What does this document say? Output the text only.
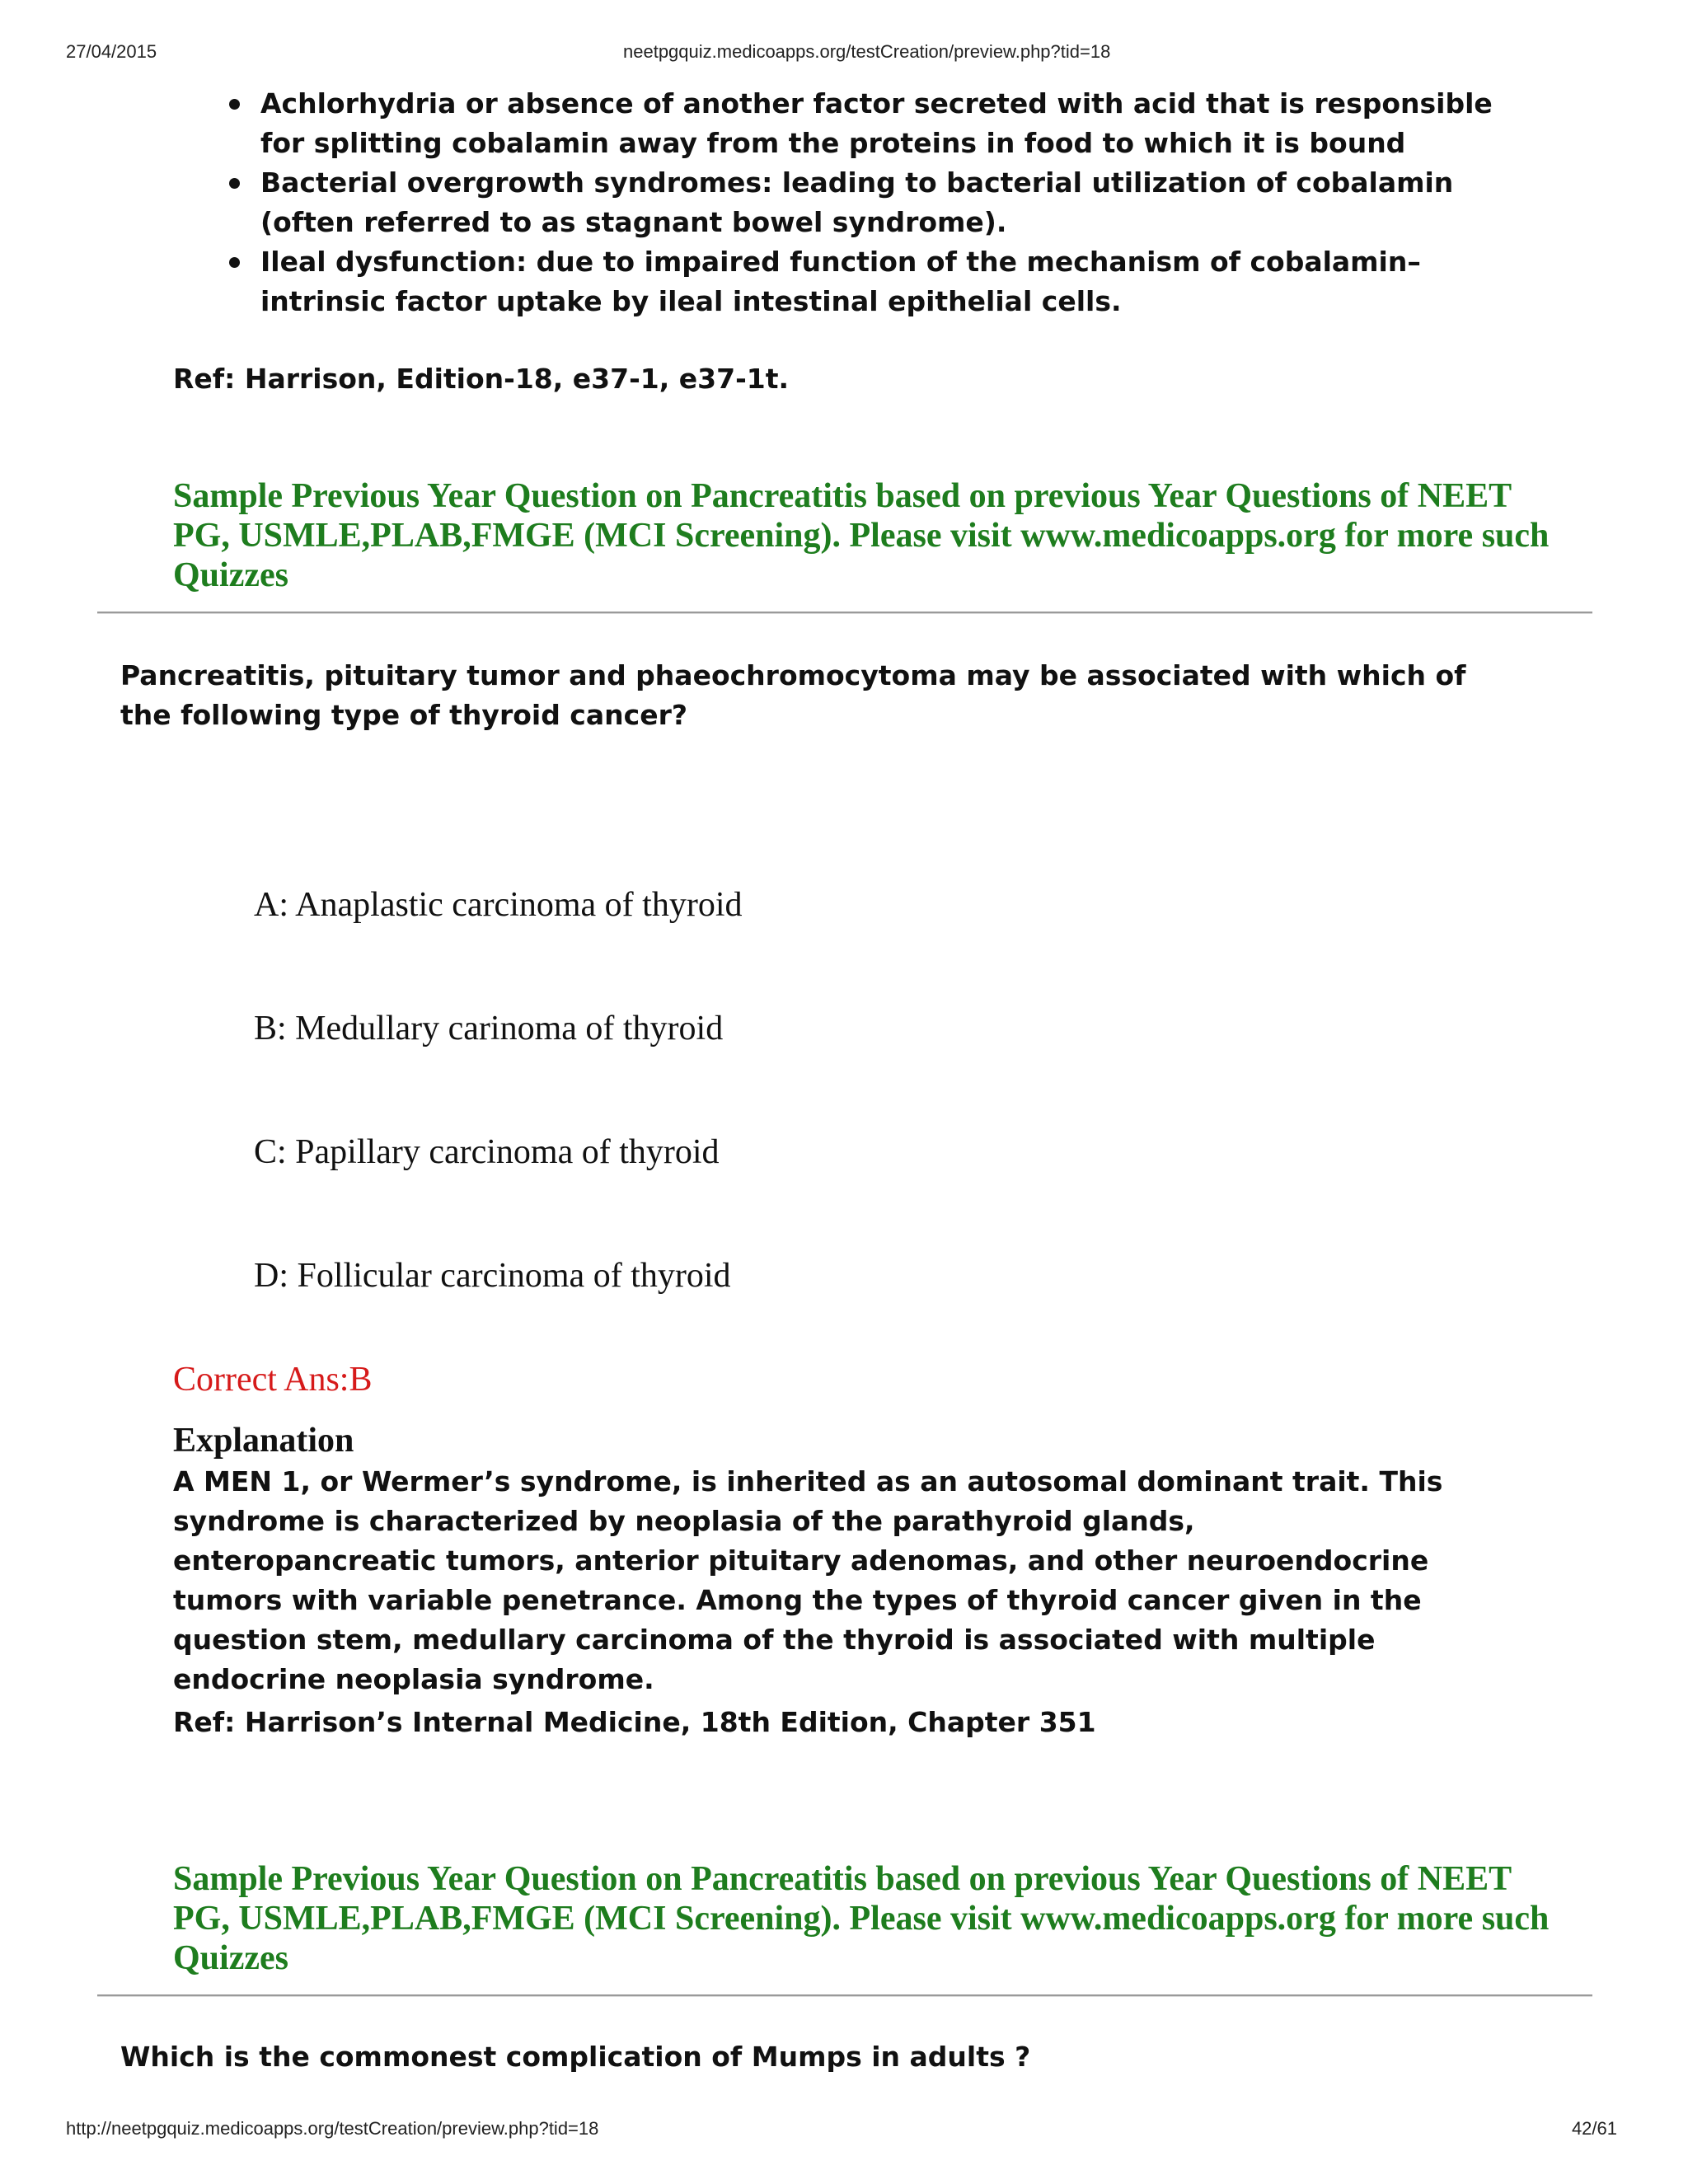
27/04/2015	neetpgquiz.medicoapps.org/testCreation/preview.php?tid=18
Achlorhydria or absence of another factor secreted with acid that is responsible for splitting cobalamin away from the proteins in food to which it is bound
Bacterial overgrowth syndromes: leading to bacterial utilization of cobalamin (often referred to as stagnant bowel syndrome).
Ileal dysfunction: due to impaired function of the mechanism of cobalamin–intrinsic factor uptake by ileal intestinal epithelial cells.
Ref: Harrison, Edition-18, e37-1, e37-1t.
Sample Previous Year Question on Pancreatitis based on previous Year Questions of NEET PG, USMLE,PLAB,FMGE (MCI Screening). Please visit www.medicoapps.org for more such Quizzes
Pancreatitis, pituitary tumor and phaeochromocytoma may be associated with which of the following type of thyroid cancer?
A: Anaplastic carcinoma of thyroid
B: Medullary carinoma of thyroid
C: Papillary carcinoma of thyroid
D: Follicular carcinoma of thyroid
Correct Ans:B
Explanation
A MEN 1, or Wermer’s syndrome, is inherited as an autosomal dominant trait. This syndrome is characterized by neoplasia of the parathyroid glands, enteropancreatic tumors, anterior pituitary adenomas, and other neuroendocrine tumors with variable penetrance. Among the types of thyroid cancer given in the question stem, medullary carcinoma of the thyroid is associated with multiple endocrine neoplasia syndrome.
Ref: Harrison’s Internal Medicine, 18th Edition, Chapter 351
Sample Previous Year Question on Pancreatitis based on previous Year Questions of NEET PG, USMLE,PLAB,FMGE (MCI Screening). Please visit www.medicoapps.org for more such Quizzes
Which is the commonest complication of Mumps in adults ?
http://neetpgquiz.medicoapps.org/testCreation/preview.php?tid=18	42/61
